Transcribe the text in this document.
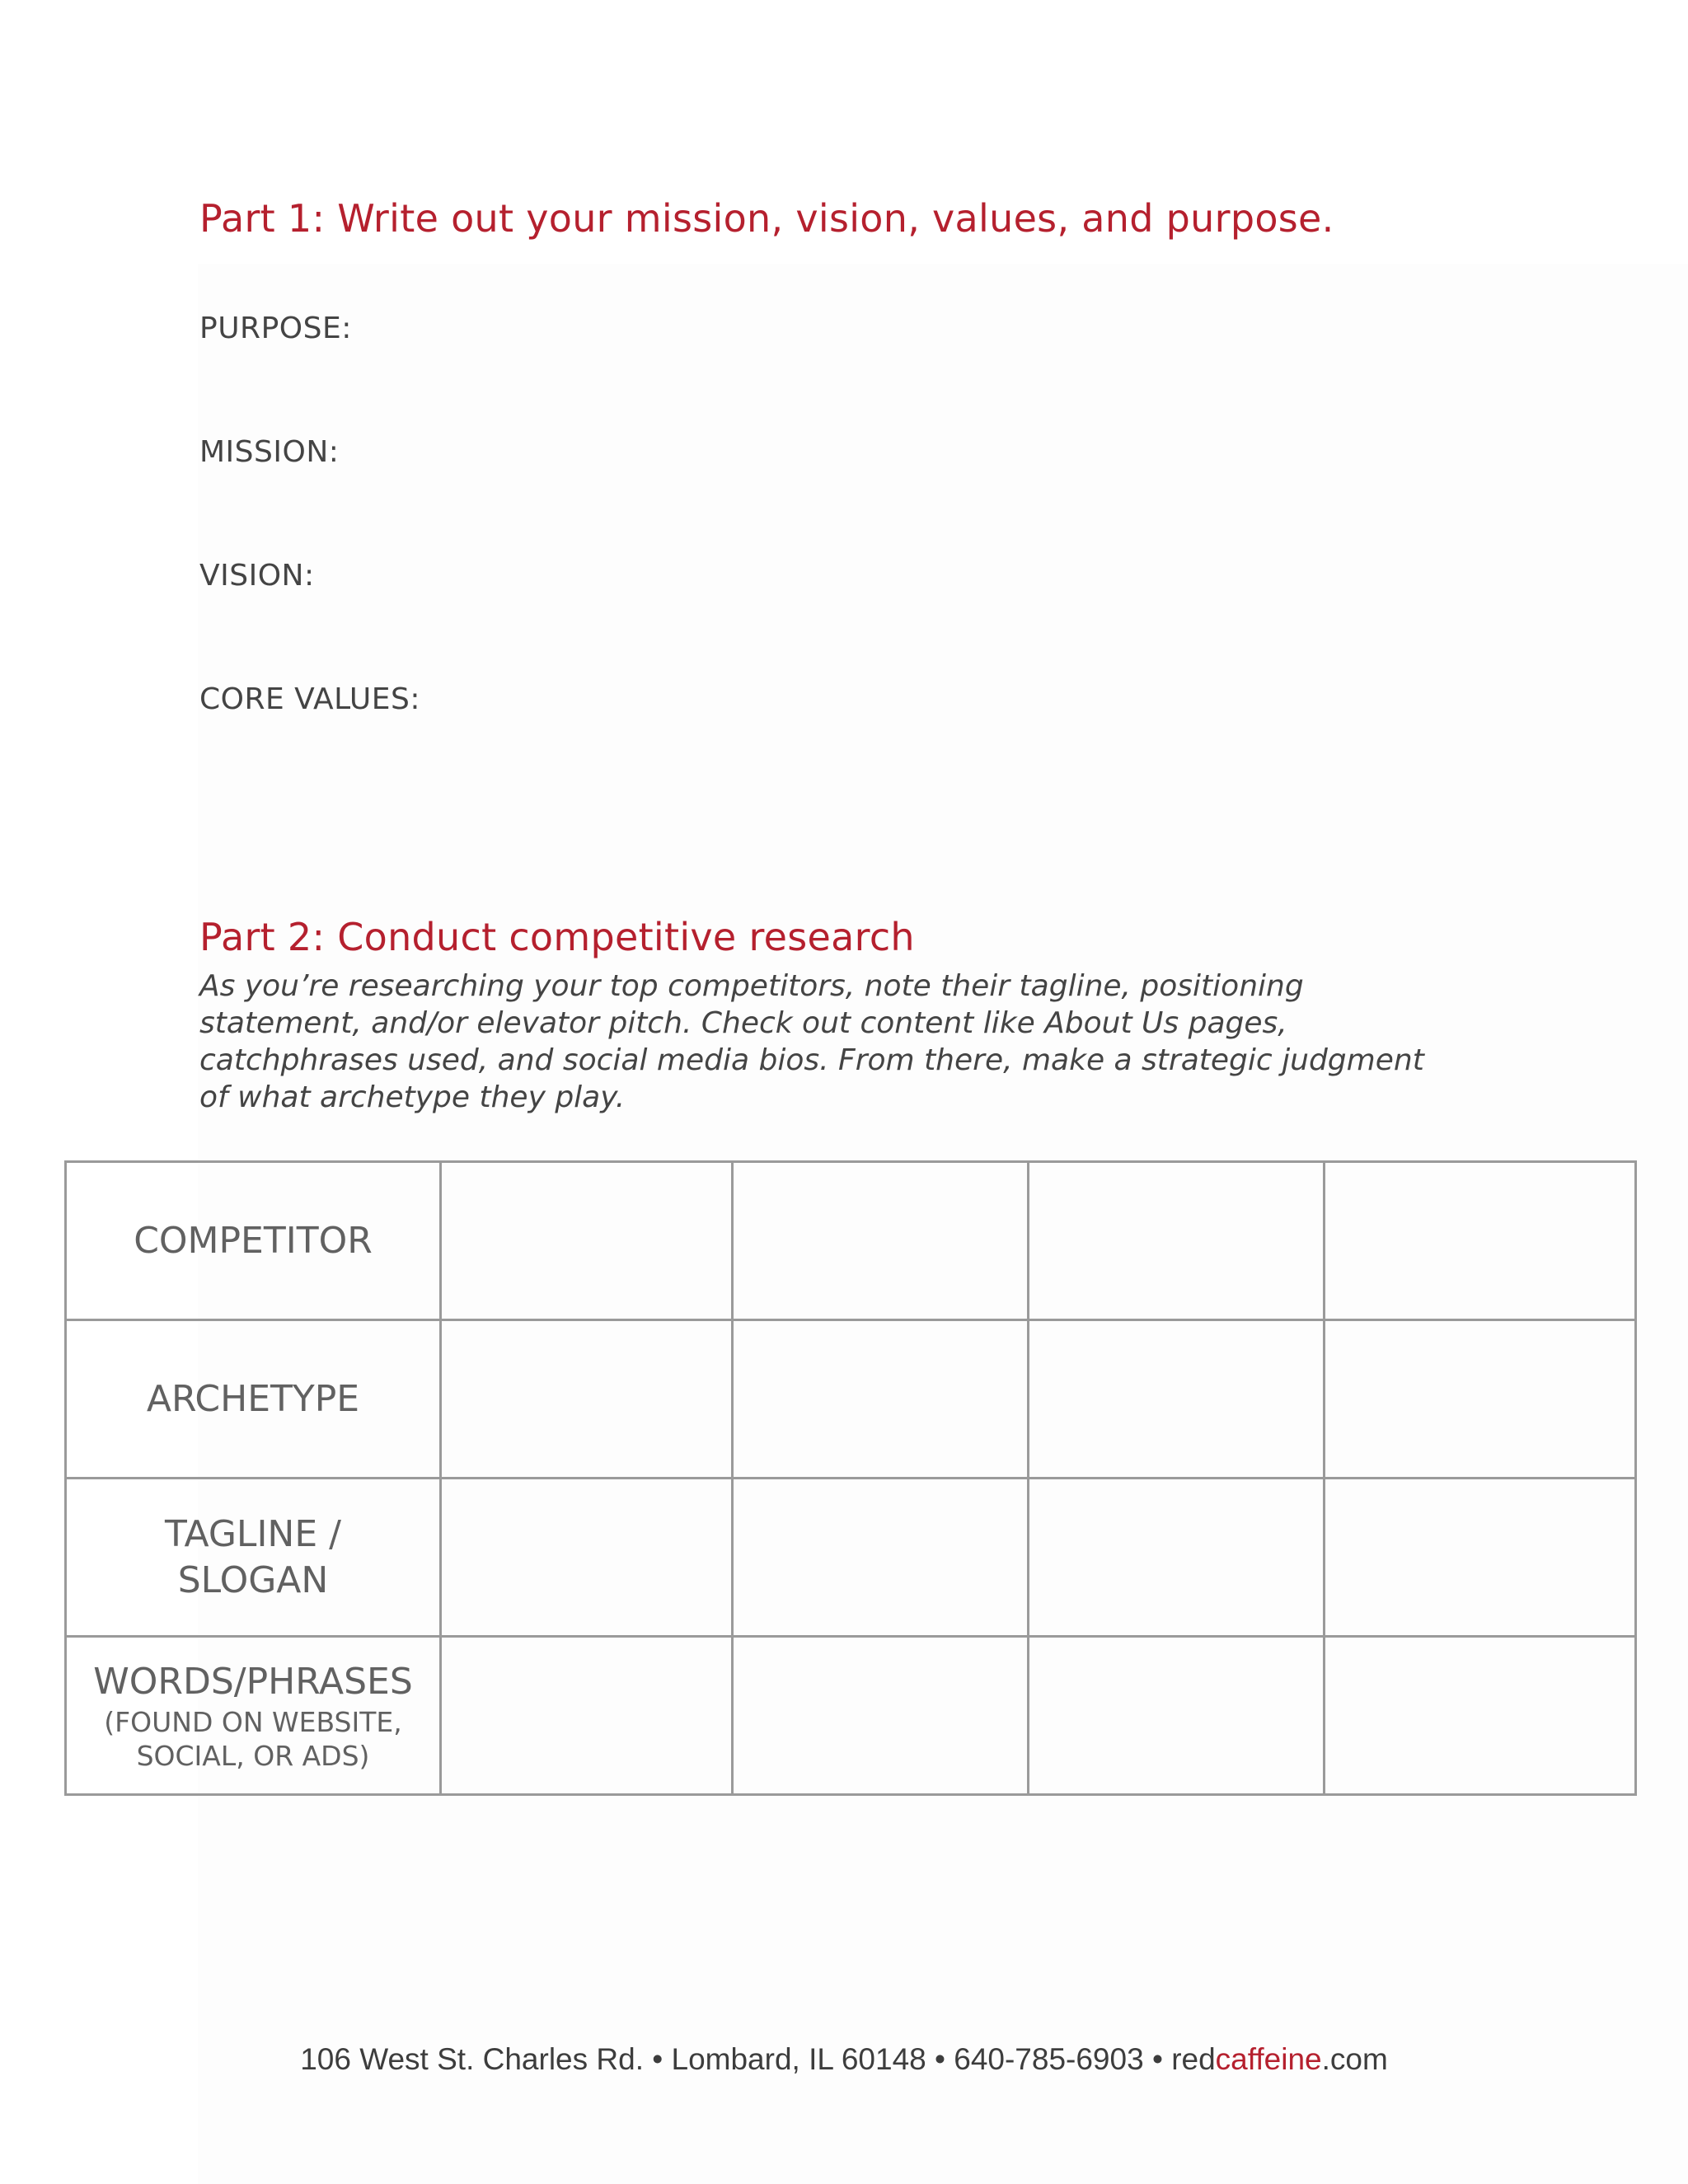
Part 1: Write out your mission, vision, values, and purpose.
PURPOSE:
MISSION:
VISION:
CORE VALUES:
Part 2: Conduct competitive research
As you’re researching your top competitors, note their tagline, positioning
statement, and/or elevator pitch. Check out content like About Us pages,
catchphrases used, and social media bios. From there, make a strategic judgment
of what archetype they play.
COMPETITOR				

ARCHETYPE				

TAGLINE /
SLOGAN				

WORDS/PHRASES
(FOUND ON WEBSITE,
SOCIAL, OR ADS)				

106 West St. Charles Rd. • Lombard, IL 60148 • 640-785-6903 • redcaffeine.com
